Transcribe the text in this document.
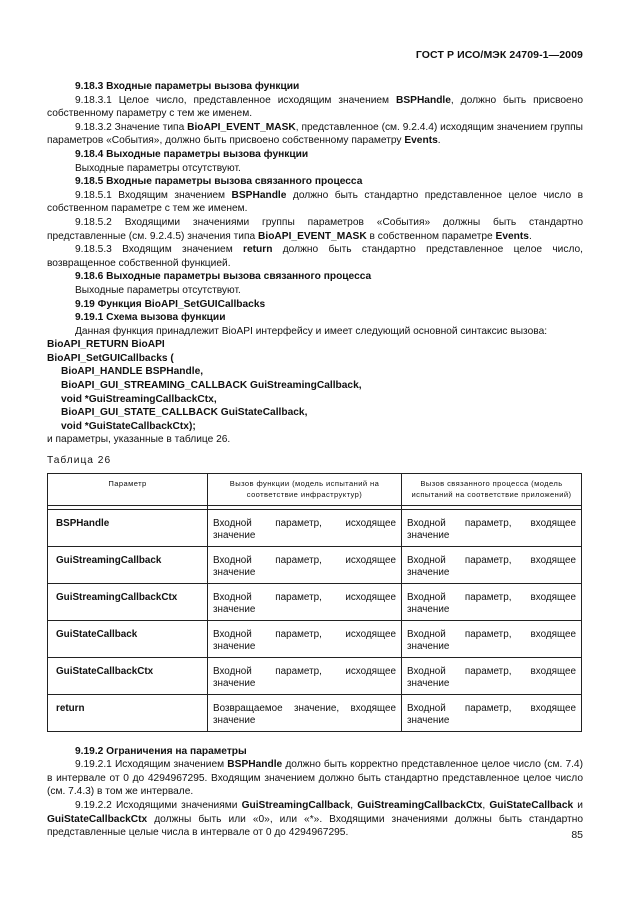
ГОСТ Р ИСО/МЭК 24709-1—2009

9.18.3 Входные параметры вызова функции

9.18.3.1 Целое число, представленное исходящим значением BSPHandle, должно быть присвоено собственному параметру с тем же именем.

9.18.3.2 Значение типа BioAPI_EVENT_MASK, представленное (см. 9.2.4.4) исходящим значением группы параметров «События», должно быть присвоено собственному параметру Events.

9.18.4 Выходные параметры вызова функции

Выходные параметры отсутствуют.

9.18.5 Входные параметры вызова связанного процесса

9.18.5.1 Входящим значением BSPHandle должно быть стандартно представленное целое число в собственном параметре с тем же именем.

9.18.5.2 Входящими значениями группы параметров «События» должны быть стандартно представленные (см. 9.2.4.5) значения типа BioAPI_EVENT_MASK в собственном параметре Events.

9.18.5.3 Входящим значением return должно быть стандартно представленное целое число, возвращенное собственной функцией.

9.18.6 Выходные параметры вызова связанного процесса

Выходные параметры отсутствуют.

9.19 Функция BioAPI_SetGUICallbacks

9.19.1 Схема вызова функции

Данная функция принадлежит BioAPI интерфейсу и имеет следующий основной синтаксис вызова:

BioAPI_RETURN BioAPI

BioAPI_SetGUICallbacks (

BioAPI_HANDLE BSPHandle,

BioAPI_GUI_STREAMING_CALLBACK GuiStreamingCallback,

void *GuiStreamingCallbackCtx,

BioAPI_GUI_STATE_CALLBACK GuiStateCallback,

void *GuiStateCallbackCtx);

и параметры, указанные в таблице 26.

Таблица 26

Параметр	Вызов функции (модель испытаний на соответствие инфраструктур)	Вызов связанного процесса (модель испытаний на соответствие приложений)

BSPHandle	Входной параметр, исходящее значение	Входной параметр, входящее значение
GuiStreamingCallback	Входной параметр, исходящее значение	Входной параметр, входящее значение
GuiStreamingCallbackCtx	Входной параметр, исходящее значение	Входной параметр, входящее значение
GuiStateCallback	Входной параметр, исходящее значение	Входной параметр, входящее значение
GuiStateCallbackCtx	Входной параметр, исходящее значение	Входной параметр, входящее значение
return	Возвращаемое значение, входящее значение	Входной параметр, входящее значение

9.19.2 Ограничения на параметры

9.19.2.1 Исходящим значением BSPHandle должно быть корректно представленное целое число (см. 7.4) в интервале от 0 до 4294967295. Входящим значением должно быть стандартно представленное целое число (см. 7.4.3) в том же интервале.

9.19.2.2 Исходящими значениями GuiStreamingCallback, GuiStreamingCallbackCtx, GuiStateCallback и GuiStateCallbackCtx должны быть или «0», или «*». Входящими значениями должны быть стандартно представленные целые числа в интервале от 0 до 4294967295.	85
